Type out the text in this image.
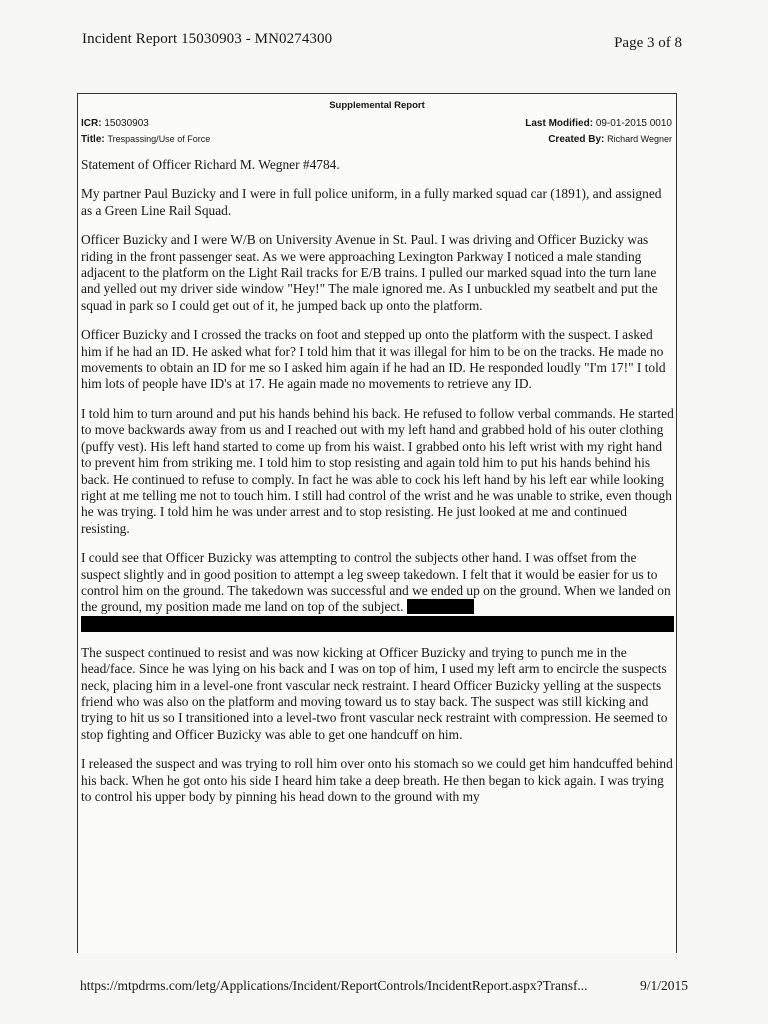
Incident Report 15030903 - MN0274300	Page 3 of 8
Supplemental Report
ICR: 15030903	Last Modified: 09-01-2015 0010
Title: Trespassing/Use of Force	Created By: Richard Wegner

Statement of Officer Richard M. Wegner #4784.

My partner Paul Buzicky and I were in full police uniform, in a fully marked squad car (1891), and assigned as a Green Line Rail Squad.

Officer Buzicky and I were W/B on University Avenue in St. Paul. I was driving and Officer Buzicky was riding in the front passenger seat. As we were approaching Lexington Parkway I noticed a male standing adjacent to the platform on the Light Rail tracks for E/B trains. I pulled our marked squad into the turn lane and yelled out my driver side window "Hey!" The male ignored me. As I unbuckled my seatbelt and put the squad in park so I could get out of it, he jumped back up onto the platform.

Officer Buzicky and I crossed the tracks on foot and stepped up onto the platform with the suspect. I asked him if he had an ID. He asked what for? I told him that it was illegal for him to be on the tracks. He made no movements to obtain an ID for me so I asked him again if he had an ID. He responded loudly "I'm 17!" I told him lots of people have ID's at 17. He again made no movements to retrieve any ID.

I told him to turn around and put his hands behind his back. He refused to follow verbal commands. He started to move backwards away from us and I reached out with my left hand and grabbed hold of his outer clothing (puffy vest). His left hand started to come up from his waist. I grabbed onto his left wrist with my right hand to prevent him from striking me. I told him to stop resisting and again told him to put his hands behind his back. He continued to refuse to comply. In fact he was able to cock his left hand by his left ear while looking right at me telling me not to touch him. I still had control of the wrist and he was unable to strike, even though he was trying. I told him he was under arrest and to stop resisting. He just looked at me and continued resisting.

I could see that Officer Buzicky was attempting to control the subjects other hand. I was offset from the suspect slightly and in good position to attempt a leg sweep takedown. I felt that it would be easier for us to control him on the ground. The takedown was successful and we ended up on the ground. When we landed on the ground, my position made me land on top of the subject.      

The suspect continued to resist and was now kicking at Officer Buzicky and trying to punch me in the head/face. Since he was lying on his back and I was on top of him, I used my left arm to encircle the suspects neck, placing him in a level-one front vascular neck restraint. I heard Officer Buzicky yelling at the suspects friend who was also on the platform and moving toward us to stay back. The suspect was still kicking and trying to hit us so I transitioned into a level-two front vascular neck restraint with compression. He seemed to stop fighting and Officer Buzicky was able to get one handcuff on him.

I released the suspect and was trying to roll him over onto his stomach so we could get him handcuffed behind his back. When he got onto his side I heard him take a deep breath. He then began to kick again. I was trying to control his upper body by pinning his head down to the ground with my

https://mtpdrms.com/letg/Applications/Incident/ReportControls/IncidentReport.aspx?Transf...	9/1/2015
